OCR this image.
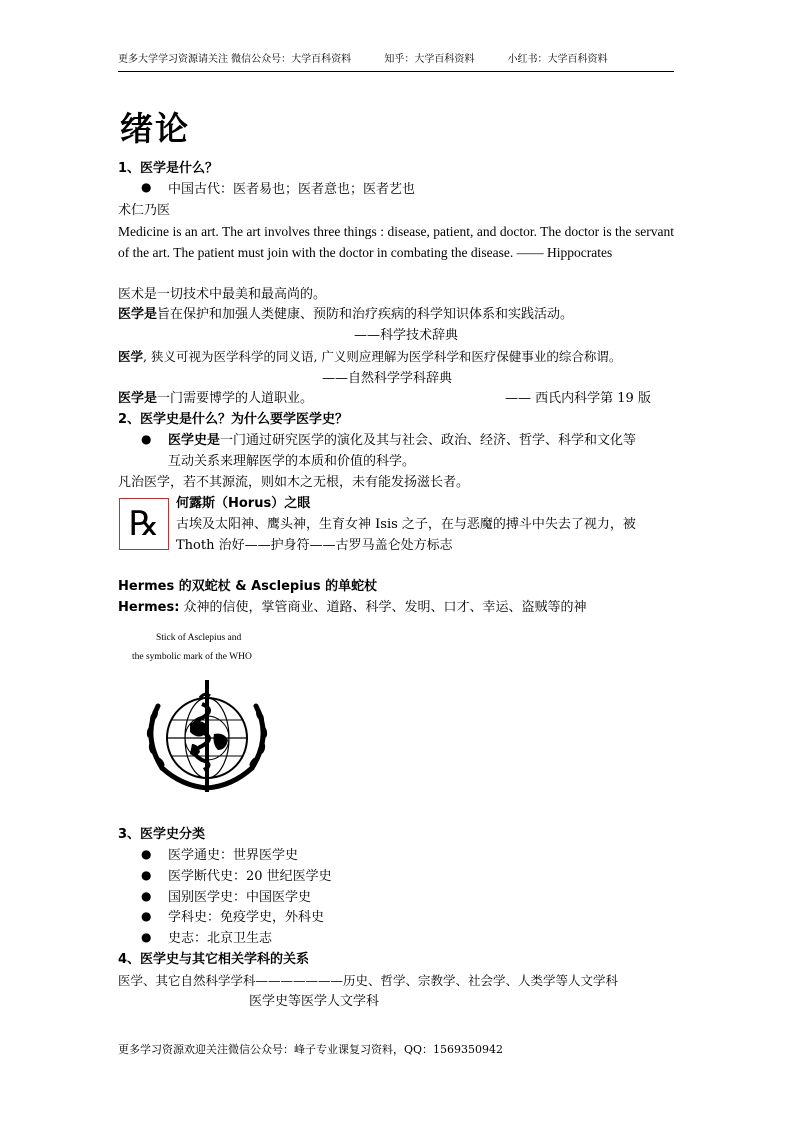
更多大学学习资源请关注 微信公众号：大学百科资料	知乎：大学百科资料	小红书：大学百科资料
绪论
1、医学是什么？
● 中国古代：医者易也；医者意也；医者艺也
术仁乃医
Medicine is an art. The art involves three things : disease, patient, and doctor. The doctor is the servant of the art. The patient must join with the doctor in combating the disease. —— Hippocrates
医术是一切技术中最美和最高尚的。
医学是旨在保护和加强人类健康、预防和治疗疾病的科学知识体系和实践活动。
——科学技术辞典
医学, 狭义可视为医学科学的同义语, 广义则应理解为医学科学和医疗保健事业的综合称谓。
——自然科学学科辞典
医学是一门需要博学的人道职业。	—— 西氏内科学第 19 版
2、医学史是什么？为什么要学医学史？
● 医学史是一门通过研究医学的演化及其与社会、政治、经济、哲学、科学和文化等
互动关系来理解医学的本质和价值的科学。
凡治医学，若不其源流，则如木之无根，未有能发扬滋长者。
℞
何露斯（Horus）之眼
古埃及太阳神、鹰头神，生育女神 Isis 之子，在与恶魔的搏斗中失去了视力，被
Thoth 治好——护身符——古罗马盖仑处方标志
Hermes 的双蛇杖 & Asclepius 的单蛇杖
Hermes: 众神的信使，掌管商业、道路、科学、发明、口才、幸运、盗贼等的神
Stick of Asclepius and
the symbolic mark of the WHO
3、医学史分类
● 医学通史：世界医学史
● 医学断代史：20 世纪医学史
● 国别医学史：中国医学史
● 学科史：免疫学史，外科史
● 史志：北京卫生志
4、医学史与其它相关学科的关系
医学、其它自然科学学科———————历史、哲学、宗教学、社会学、人类学等人文学科
医学史等医学人文学科
更多学习资源欢迎关注微信公众号：峰子专业课复习资料，QQ：1569350942
